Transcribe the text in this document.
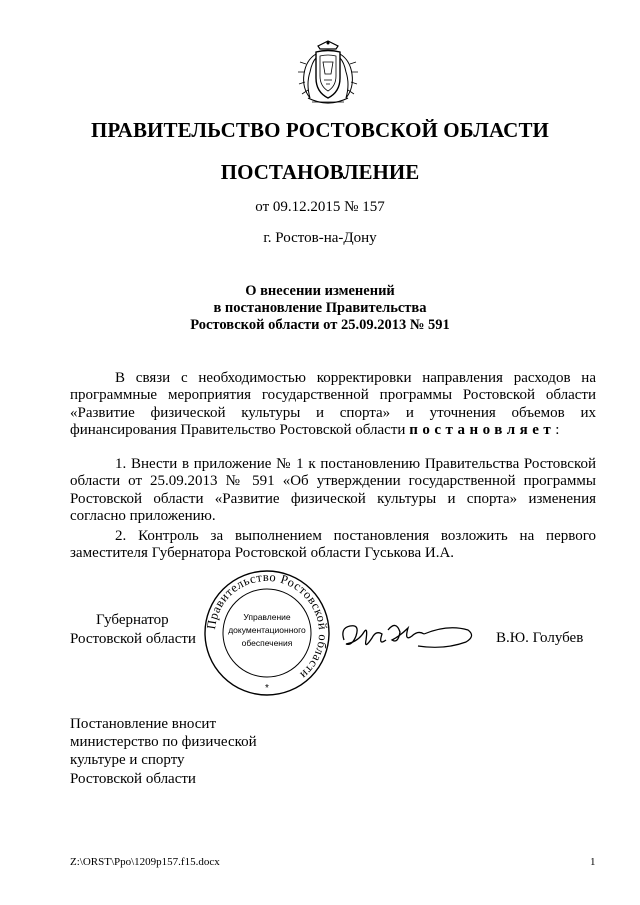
ПРАВИТЕЛЬСТВО РОСТОВСКОЙ ОБЛАСТИ
ПОСТАНОВЛЕНИЕ
от 09.12.2015 № 157
г. Ростов-на-Дону
О внесении изменений
в постановление Правительства
Ростовской области от 25.09.2013 № 591
В связи с необходимостью корректировки направления расходов на программные мероприятия государственной программы Ростовской области «Развитие физической культуры и спорта» и уточнения объемов их финансирования Правительство Ростовской области постановляет:
1. Внести в приложение № 1 к постановлению Правительства Ростовской области от 25.09.2013 № 591 «Об утверждении государственной программы Ростовской области «Развитие физической культуры и спорта» изменения согласно приложению.
2. Контроль за выполнением постановления возложить на первого заместителя Губернатора Ростовской области Гуськова И.А.
Губернатор
Ростовской области
Правительство Ростовской области
Управление
документационного
обеспечения
*
В.Ю. Голубев
Постановление вносит
министерство по физической
культуре и спорту
Ростовской области
Z:\ORST\Ppo\1209p157.f15.docx	1
